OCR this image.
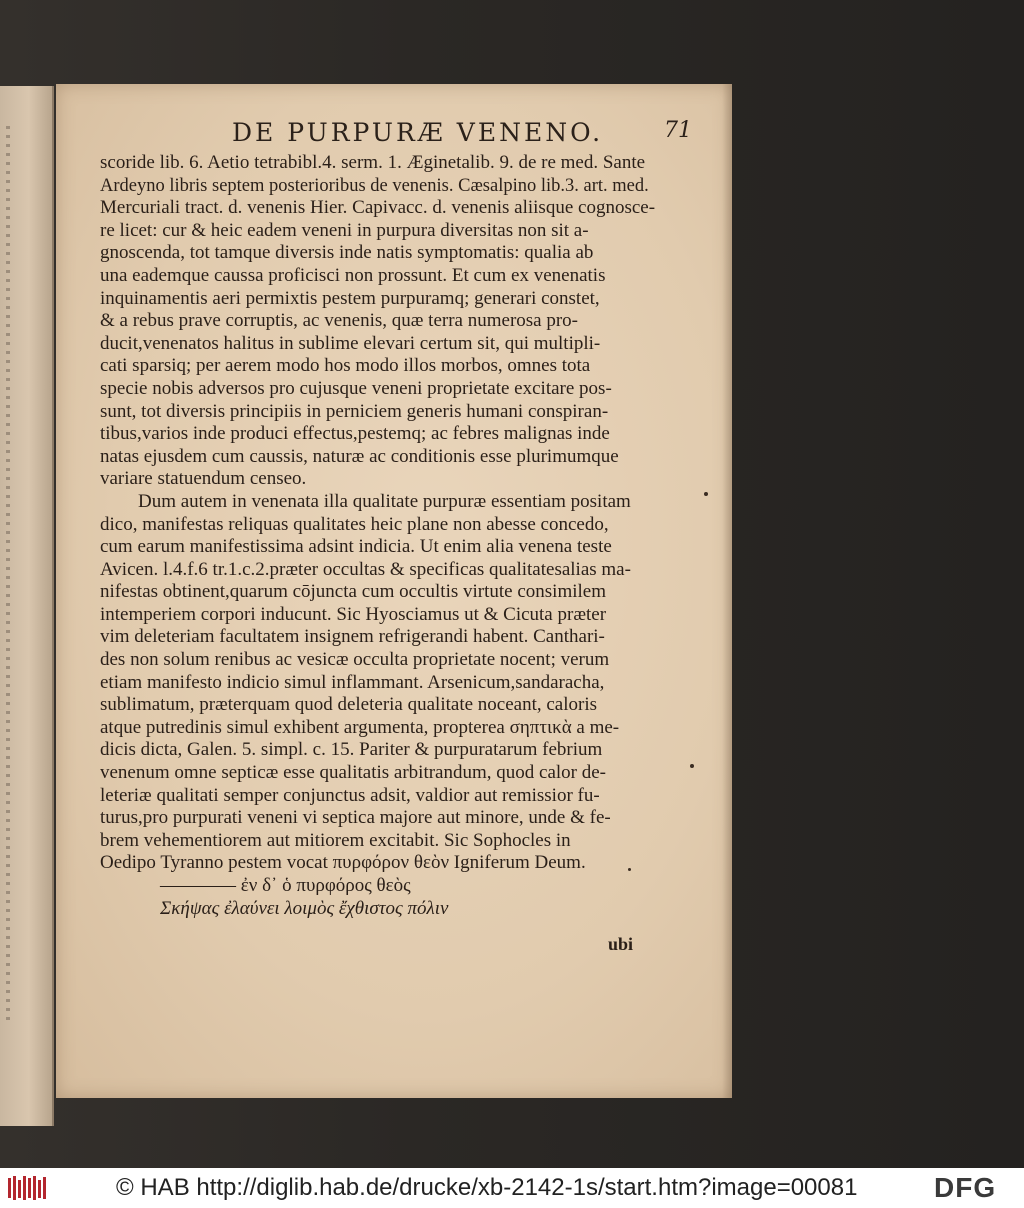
DE PURPURÆ VENENO.	71
scoride lib. 6. Aetio tetrabibl.4. serm. 1. Æginetalib. 9. de re med. Sante
Ardeyno libris septem posterioribus de venenis. Cæsalpino lib.3. art. med.
Mercuriali tract. d. venenis Hier. Capivacc. d. venenis aliisque cognosce-
re licet: cur & heic eadem veneni in purpura diversitas non sit a-
gnoscenda, tot tamque diversis inde natis symptomatis: qualia ab
una eademque caussa proficisci non prossunt. Et cum ex venenatis
inquinamentis aeri permixtis pestem purpuramq; generari constet,
& a rebus prave corruptis, ac venenis, quæ terra numerosa pro-
ducit,venenatos halitus in sublime elevari certum sit, qui multipli-
cati sparsiq; per aerem modo hos modo illos morbos, omnes tota
specie nobis adversos pro cujusque veneni proprietate excitare pos-
sunt, tot diversis principiis in perniciem generis humani conspiran-
tibus,varios inde produci effectus,pestemq; ac febres malignas inde
natas ejusdem cum caussis, naturæ ac conditionis esse plurimumque
variare statuendum censeo.
Dum autem in venenata illa qualitate purpuræ essentiam positam
dico, manifestas reliquas qualitates heic plane non abesse concedo,
cum earum manifestissima adsint indicia. Ut enim alia venena teste
Avicen. l.4.f.6 tr.1.c.2.præter occultas & specificas qualitatesalias ma-
nifestas obtinent,quarum cōjuncta cum occultis virtute consimilem
intemperiem corpori inducunt. Sic Hyosciamus ut & Cicuta præter
vim deleteriam facultatem insignem refrigerandi habent. Canthari-
des non solum renibus ac vesicæ occulta proprietate nocent; verum
etiam manifesto indicio simul inflammant. Arsenicum,sandaracha,
sublimatum, præterquam quod deleteria qualitate noceant, caloris
atque putredinis simul exhibent argumenta, propterea σηπτικὰ a me-
dicis dicta, Galen. 5. simpl. c. 15. Pariter & purpuratarum febrium
venenum omne septicæ esse qualitatis arbitrandum, quod calor de-
leteriæ qualitati semper conjunctus adsit, valdior aut remissior fu-
turus,pro purpurati veneni vi septica majore aut minore, unde & fe-
brem vehementiorem aut mitiorem excitabit. Sic Sophocles in
Oedipo Tyranno pestem vocat πυρφόρον θεὸν Igniferum Deum.
———— ἐν δ᾽ ὁ πυρφόρος θεὸς
Σκήψας ἐλαύνει λοιμὸς ἔχθιστος πόλιν
ubi
© HAB http://diglib.hab.de/drucke/xb-2142-1s/start.htm?image=00081	DFG
